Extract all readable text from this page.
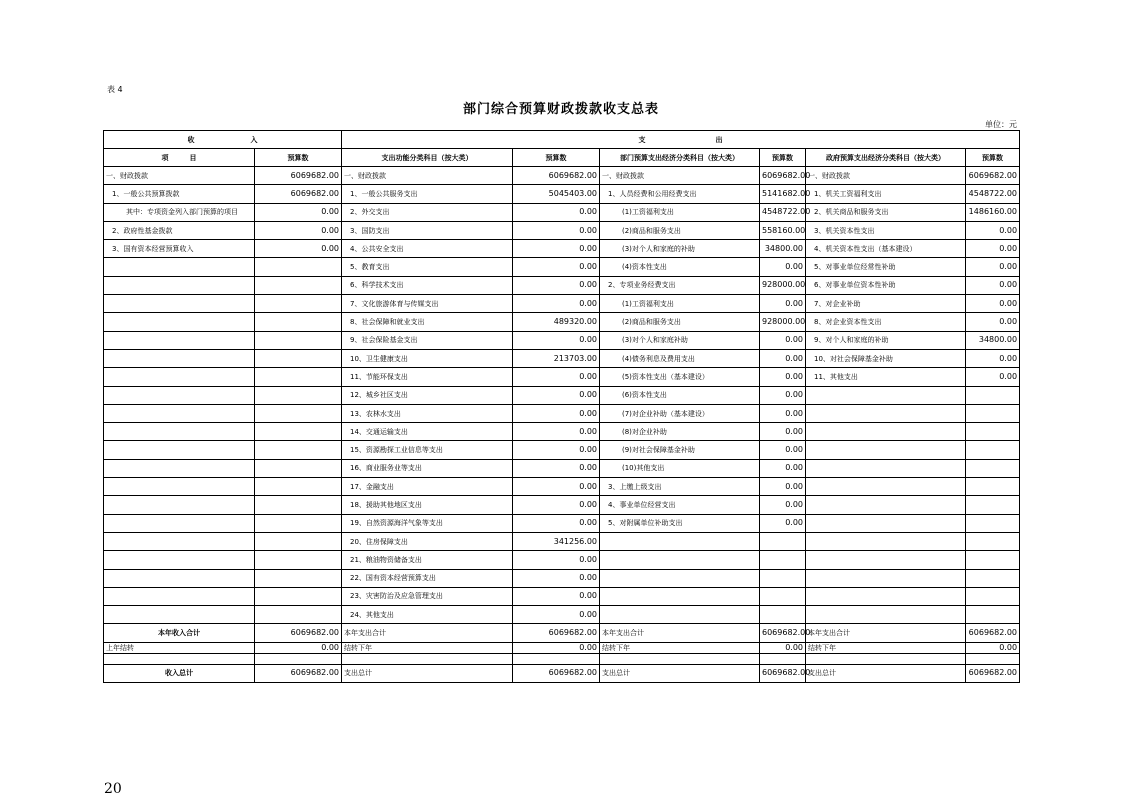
表 4
部门综合预算财政拨款收支总表
单位：元
收　　　　　　　　入		支　　　　　　　　　　出					
项　　　目	预算数	支出功能分类科目（按大类）	预算数	部门预算支出经济分类科目（按大类）	预算数	政府预算支出经济分类科目（按大类）	预算数
一、财政拨款	6069682.00	一、财政拨款	6069682.00	一、财政拨款	6069682.00	一、财政拨款	6069682.00
1、一般公共预算拨款	6069682.00	1、一般公共服务支出	5045403.00	1、人员经费和公用经费支出	5141682.00	1、机关工资福利支出	4548722.00
其中：专项资金列入部门预算的项目	0.00	2、外交支出	0.00	(1)工资福利支出	4548722.00	2、机关商品和服务支出	1486160.00
2、政府性基金拨款	0.00	3、国防支出	0.00	(2)商品和服务支出	558160.00	3、机关资本性支出	0.00
3、国有资本经营预算收入	0.00	4、公共安全支出	0.00	(3)对个人和家庭的补助	34800.00	4、机关资本性支出（基本建设）	0.00
		5、教育支出	0.00	(4)资本性支出	0.00	5、对事业单位经常性补助	0.00
		6、科学技术支出	0.00	2、专项业务经费支出	928000.00	6、对事业单位资本性补助	0.00
		7、文化旅游体育与传媒支出	0.00	(1)工资福利支出	0.00	7、对企业补助	0.00
		8、社会保障和就业支出	489320.00	(2)商品和服务支出	928000.00	8、对企业资本性支出	0.00
		9、社会保险基金支出	0.00	(3)对个人和家庭补助	0.00	9、对个人和家庭的补助	34800.00
		10、卫生健康支出	213703.00	(4)债务利息及费用支出	0.00	10、对社会保障基金补助	0.00
		11、节能环保支出	0.00	(5)资本性支出（基本建设）	0.00	11、其他支出	0.00
		12、城乡社区支出	0.00	(6)资本性支出	0.00		
		13、农林水支出	0.00	(7)对企业补助（基本建设）	0.00		
		14、交通运输支出	0.00	(8)对企业补助	0.00		
		15、资源勘探工业信息等支出	0.00	(9)对社会保障基金补助	0.00		
		16、商业服务业等支出	0.00	(10)其他支出	0.00		
		17、金融支出	0.00	3、上缴上级支出	0.00		
		18、援助其他地区支出	0.00	4、事业单位经营支出	0.00		
		19、自然资源海洋气象等支出	0.00	5、对附属单位补助支出	0.00		
		20、住房保障支出	341256.00				
		21、粮油物资储备支出	0.00				
		22、国有资本经营预算支出	0.00				
		23、灾害防治及应急管理支出	0.00				
		24、其他支出	0.00				
本年收入合计	6069682.00	本年支出合计	6069682.00	本年支出合计	6069682.00	本年支出合计	6069682.00
上年结转	0.00	结转下年	0.00	结转下年	0.00	结转下年	0.00

收入总计	6069682.00	支出总计	6069682.00	支出总计	6069682.00	支出总计	6069682.00
20
